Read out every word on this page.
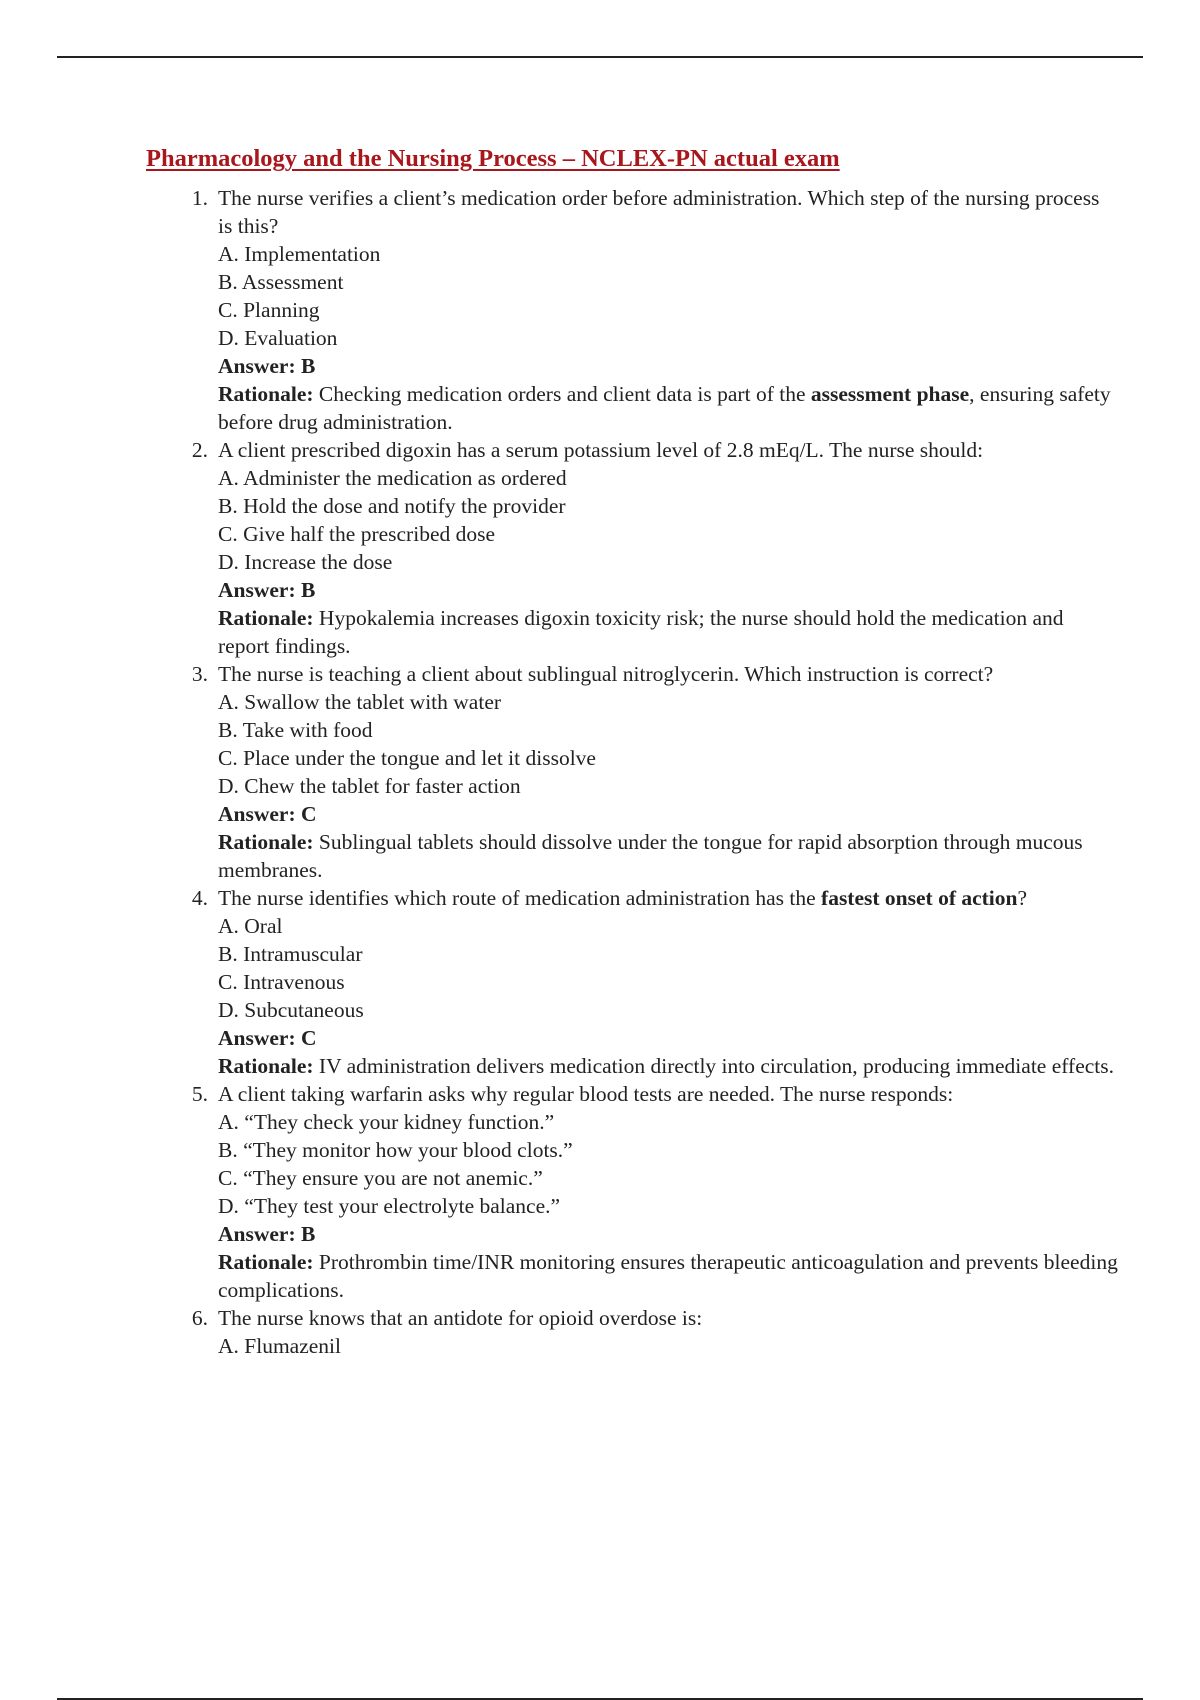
Pharmacology and the Nursing Process – NCLEX-PN actual exam
1. The nurse verifies a client’s medication order before administration. Which step of the nursing process is this?
A. Implementation
B. Assessment
C. Planning
D. Evaluation
Answer: B
Rationale: Checking medication orders and client data is part of the assessment phase, ensuring safety before drug administration.
2. A client prescribed digoxin has a serum potassium level of 2.8 mEq/L. The nurse should:
A. Administer the medication as ordered
B. Hold the dose and notify the provider
C. Give half the prescribed dose
D. Increase the dose
Answer: B
Rationale: Hypokalemia increases digoxin toxicity risk; the nurse should hold the medication and report findings.
3. The nurse is teaching a client about sublingual nitroglycerin. Which instruction is correct?
A. Swallow the tablet with water
B. Take with food
C. Place under the tongue and let it dissolve
D. Chew the tablet for faster action
Answer: C
Rationale: Sublingual tablets should dissolve under the tongue for rapid absorption through mucous membranes.
4. The nurse identifies which route of medication administration has the fastest onset of action?
A. Oral
B. Intramuscular
C. Intravenous
D. Subcutaneous
Answer: C
Rationale: IV administration delivers medication directly into circulation, producing immediate effects.
5. A client taking warfarin asks why regular blood tests are needed. The nurse responds:
A. “They check your kidney function.”
B. “They monitor how your blood clots.”
C. “They ensure you are not anemic.”
D. “They test your electrolyte balance.”
Answer: B
Rationale: Prothrombin time/INR monitoring ensures therapeutic anticoagulation and prevents bleeding complications.
6. The nurse knows that an antidote for opioid overdose is:
A. Flumazenil
